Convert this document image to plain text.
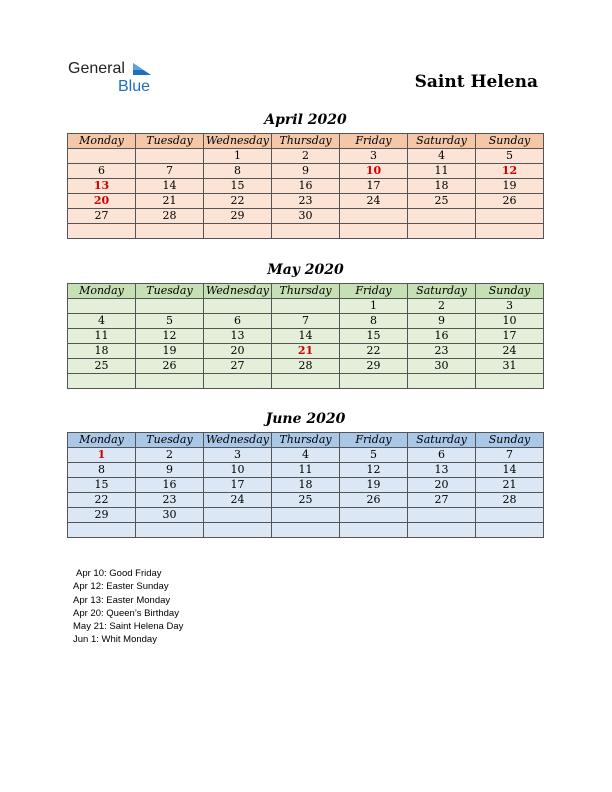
General
Blue	Saint Helena
April 2020
Monday	Tuesday	Wednesday	Thursday	Friday	Saturday	Sunday
		1	2	3	4	5
6	7	8	9	10	11	12
13	14	15	16	17	18	19
20	21	22	23	24	25	26
27	28	29	30			

May 2020
Monday	Tuesday	Wednesday	Thursday	Friday	Saturday	Sunday
				1	2	3
4	5	6	7	8	9	10
11	12	13	14	15	16	17
18	19	20	21	22	23	24
25	26	27	28	29	30	31

June 2020
Monday	Tuesday	Wednesday	Thursday	Friday	Saturday	Sunday
1	2	3	4	5	6	7
8	9	10	11	12	13	14
15	16	17	18	19	20	21
22	23	24	25	26	27	28
29	30					

Apr 10: Good Friday
Apr 12: Easter Sunday
Apr 13: Easter Monday
Apr 20: Queen’s Birthday
May 21: Saint Helena Day
Jun 1: Whit Monday
